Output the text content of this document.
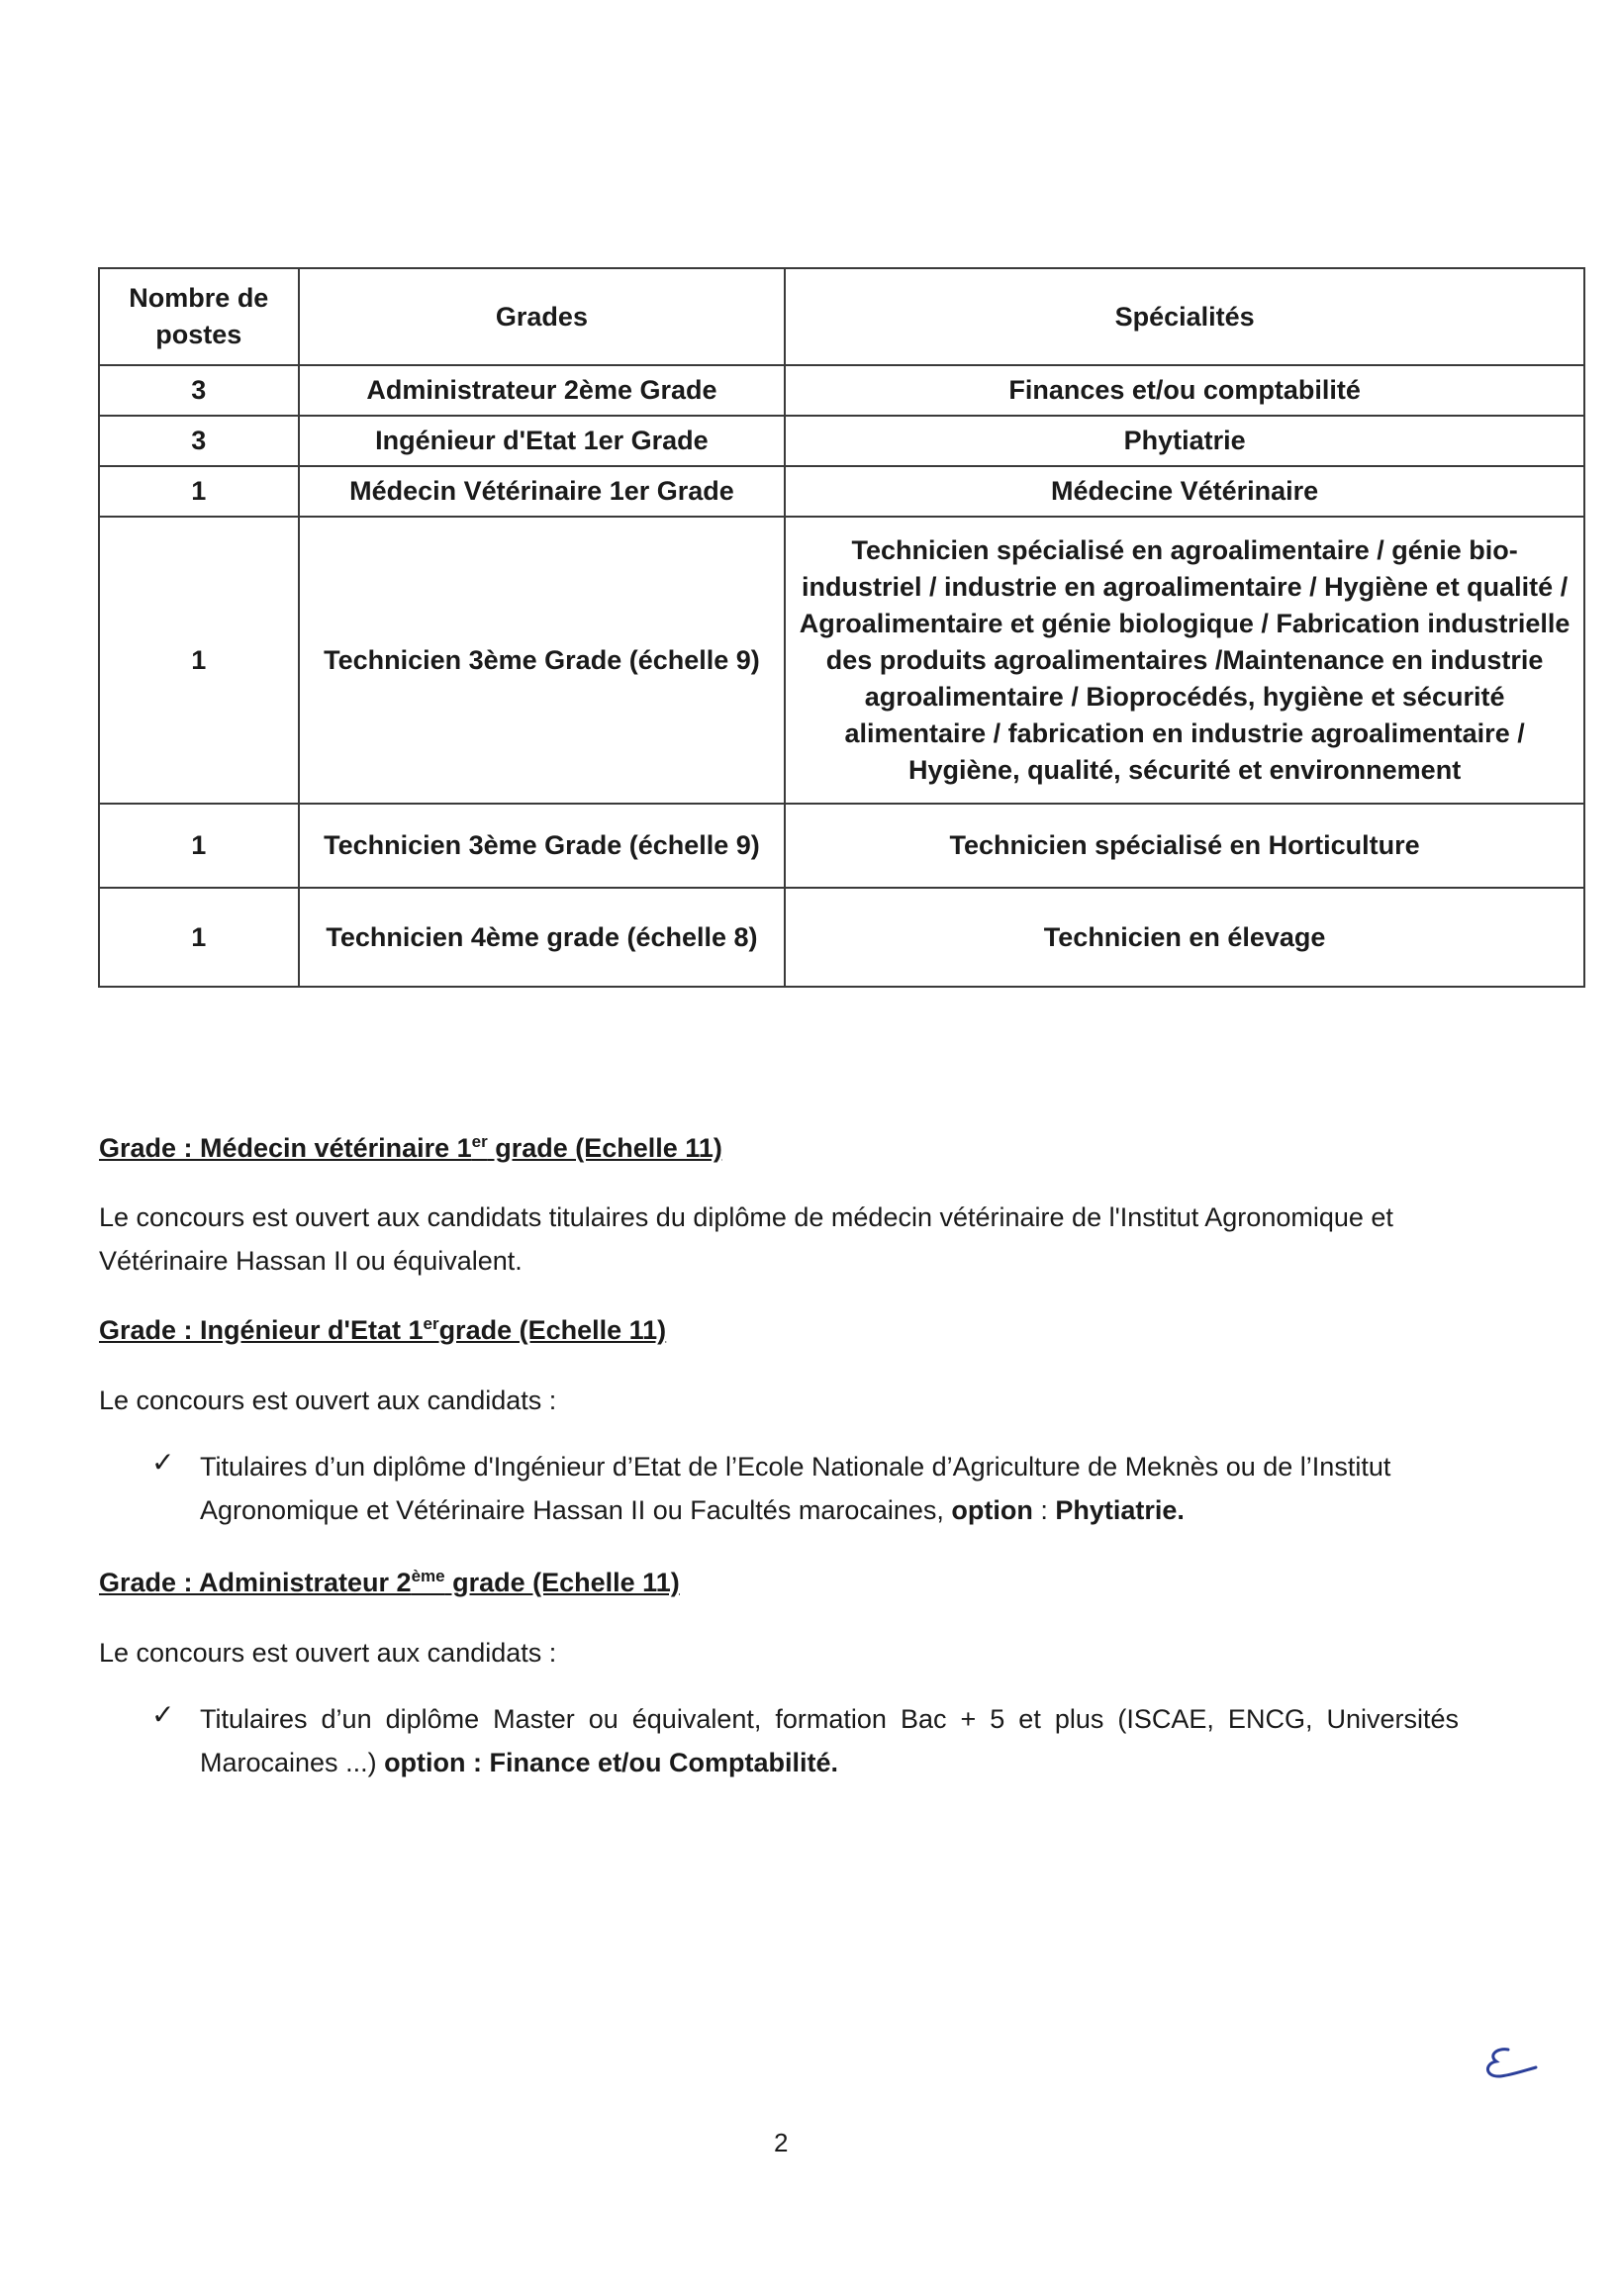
Nombre de postes	Grades	Spécialités
3	Administrateur 2ème Grade	Finances et/ou comptabilité
3	Ingénieur d'Etat 1er Grade	Phytiatrie
1	Médecin Vétérinaire 1er Grade	Médecine Vétérinaire
1	Technicien 3ème Grade (échelle 9)	Technicien spécialisé en agroalimentaire / génie bio-industriel / industrie en agroalimentaire / Hygiène et qualité / Agroalimentaire et génie biologique / Fabrication industrielle des produits agroalimentaires /Maintenance en industrie agroalimentaire / Bioprocédés, hygiène et sécurité alimentaire / fabrication en industrie agroalimentaire / Hygiène, qualité, sécurité et environnement
1	Technicien 3ème Grade (échelle 9)	Technicien spécialisé en Horticulture
1	Technicien 4ème grade (échelle 8)	Technicien en élevage
Grade : Médecin vétérinaire 1er grade (Echelle 11)
Le concours est ouvert aux candidats titulaires du diplôme de médecin vétérinaire de l'Institut Agronomique et Vétérinaire Hassan II ou équivalent.
Grade : Ingénieur d'Etat 1ergrade (Echelle 11)
Le concours est ouvert aux candidats :
✓ Titulaires d’un diplôme d'Ingénieur d’Etat de l’Ecole Nationale d’Agriculture de Meknès ou de l’Institut Agronomique et Vétérinaire Hassan II ou Facultés marocaines, option : Phytiatrie.
Grade : Administrateur 2ème grade (Echelle 11)
Le concours est ouvert aux candidats :
✓ Titulaires d’un diplôme Master ou équivalent, formation Bac + 5 et plus (ISCAE, ENCG, Universités Marocaines ...) option : Finance et/ou Comptabilité.
2
